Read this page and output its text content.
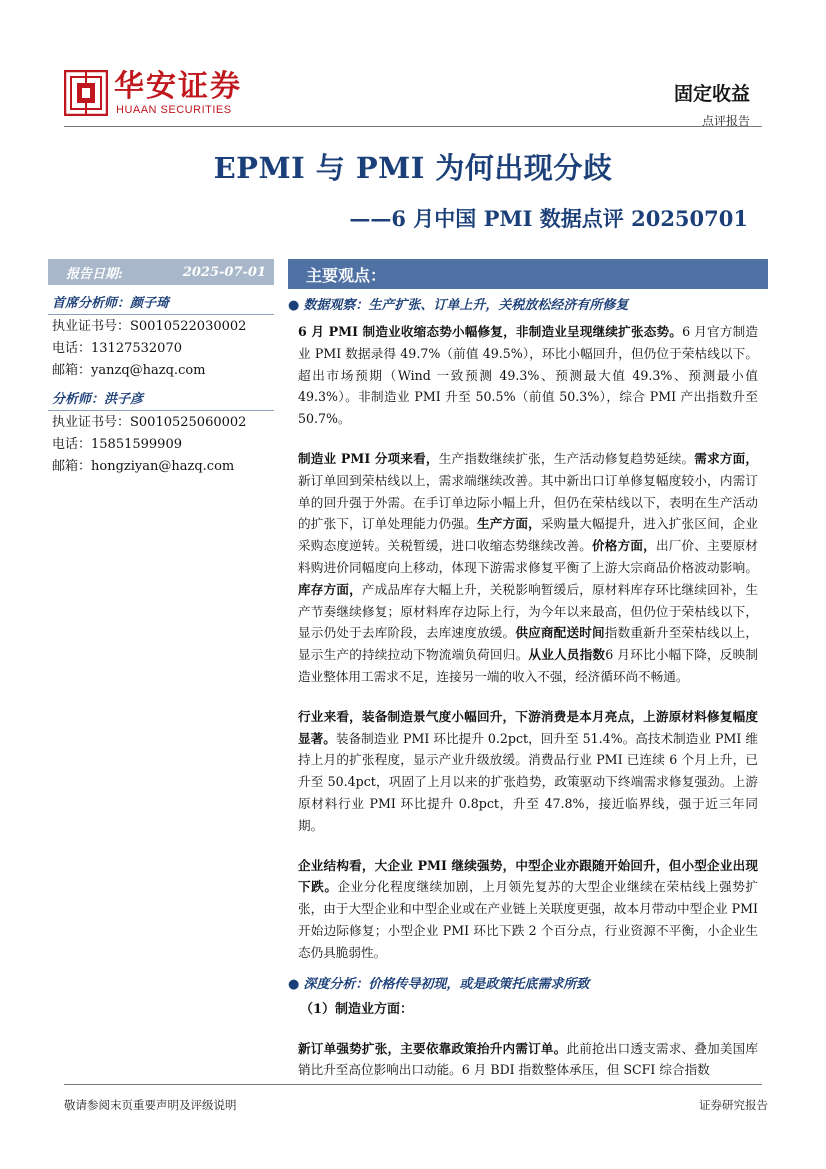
华安证券
HUAAN SECURITIES
固定收益
点评报告
EPMI 与 PMI 为何出现分歧
——6 月中国 PMI 数据点评 20250701
报告日期:	2025-07-01
首席分析师：颜子琦
执业证书号：S0010522030002
电话：13127532070
邮箱：yanzq@hazq.com
分析师：洪子彦
执业证书号：S0010525060002
电话：15851599909
邮箱：hongziyan@hazq.com
主要观点：
● 数据观察：生产扩张、订单上升，关税放松经济有所修复
6 月 PMI 制造业收缩态势小幅修复，非制造业呈现继续扩张态势。6 月官方制造业 PMI 数据录得 49.7%（前值 49.5%），环比小幅回升，但仍位于荣枯线以下。超出市场预期（Wind 一致预测 49.3%、预测最大值 49.3%、预测最小值 49.3%）。非制造业 PMI 升至 50.5%（前值 50.3%），综合 PMI 产出指数升至 50.7%。
制造业 PMI 分项来看，生产指数继续扩张，生产活动修复趋势延续。需求方面，新订单回到荣枯线以上，需求端继续改善。其中新出口订单修复幅度较小，内需订单的回升强于外需。在手订单边际小幅上升，但仍在荣枯线以下，表明在生产活动的扩张下，订单处理能力仍强。生产方面，采购量大幅提升，进入扩张区间，企业采购态度逆转。关税暂缓，进口收缩态势继续改善。价格方面，出厂价、主要原材料购进价同幅度向上移动，体现下游需求修复平衡了上游大宗商品价格波动影响。库存方面，产成品库存大幅上升，关税影响暂缓后，原材料库存环比继续回补，生产节奏继续修复；原材料库存边际上行，为今年以来最高，但仍位于荣枯线以下，显示仍处于去库阶段，去库速度放缓。供应商配送时间指数重新升至荣枯线以上，显示生产的持续拉动下物流端负荷回归。从业人员指数6 月环比小幅下降，反映制造业整体用工需求不足，连接另一端的收入不强，经济循环尚不畅通。
行业来看，装备制造景气度小幅回升，下游消费是本月亮点，上游原材料修复幅度显著。装备制造业 PMI 环比提升 0.2pct，回升至 51.4%。高技术制造业 PMI 维持上月的扩张程度，显示产业升级放缓。消费品行业 PMI 已连续 6 个月上升，已升至 50.4pct，巩固了上月以来的扩张趋势，政策驱动下终端需求修复强劲。上游原材料行业 PMI 环比提升 0.8pct，升至 47.8%，接近临界线，强于近三年同期。
企业结构看，大企业 PMI 继续强势，中型企业亦跟随开始回升，但小型企业出现下跌。企业分化程度继续加剧，上月领先复苏的大型企业继续在荣枯线上强势扩张，由于大型企业和中型企业或在产业链上关联度更强，故本月带动中型企业 PMI 开始边际修复；小型企业 PMI 环比下跌 2 个百分点，行业资源不平衡，小企业生态仍具脆弱性。
● 深度分析：价格传导初现，或是政策托底需求所致
（1）制造业方面：
新订单强势扩张，主要依靠政策抬升内需订单。此前抢出口透支需求、叠加美国库销比升至高位影响出口动能。6 月 BDI 指数整体承压，但 SCFI 综合指数
敬请参阅末页重要声明及评级说明	证券研究报告
